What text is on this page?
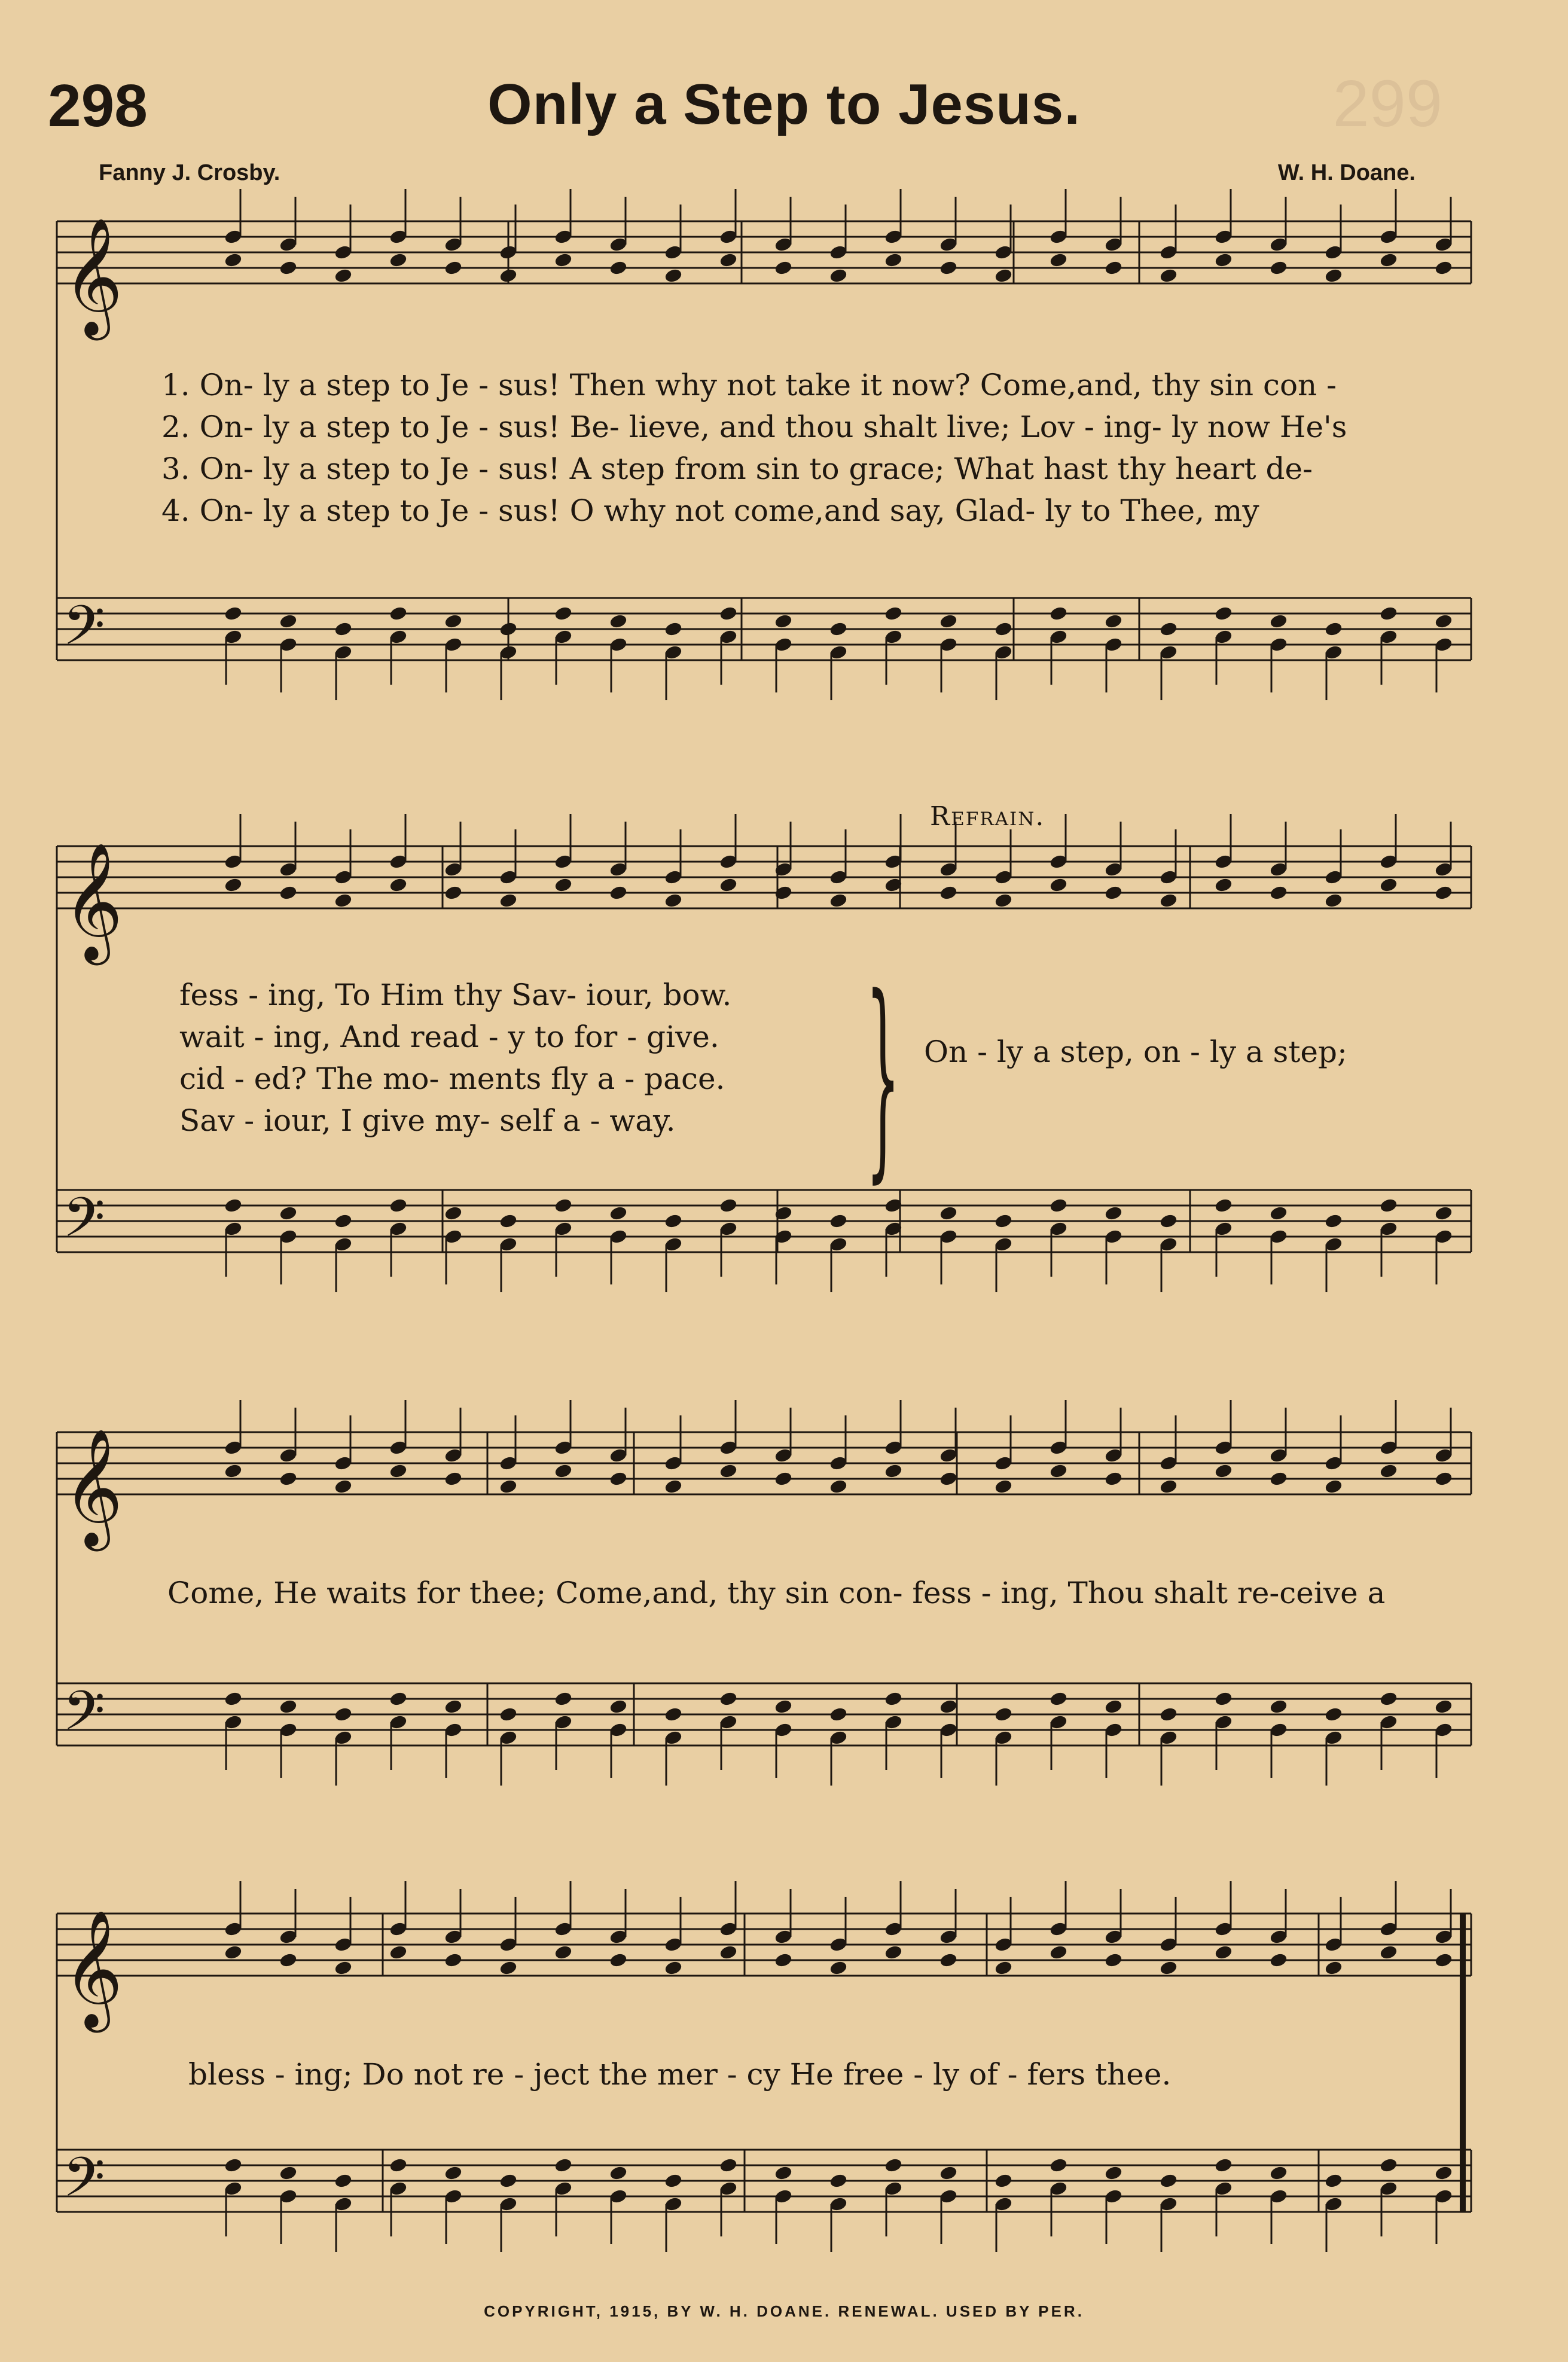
298	Only a Step to Jesus.	299
Fanny J. Crosby.	W. H. Doane.
𝄞
𝄢
𝄞
𝄢
𝄞
𝄢
𝄞
𝄢
1. On- ly a step to Je - sus! Then why not take it now? Come,and, thy sin con -
2. On- ly a step to Je - sus! Be- lieve, and thou shalt live; Lov - ing- ly now He's
3. On- ly a step to Je - sus! A step from sin to grace; What hast thy heart de-
4. On- ly a step to Je - sus! O why not come,and say, Glad- ly to Thee, my
fess - ing, To Him thy Sav- iour, bow.
wait - ing, And read - y to for - give.
cid - ed? The mo- ments fly a - pace.
Sav - iour, I give my- self a - way. }
Refrain.
On - ly a step, on - ly a step;
Come, He waits for thee; Come,and, thy sin con- fess - ing, Thou shalt re-ceive a
bless - ing; Do not re - ject the mer - cy He free - ly of - fers thee.
COPYRIGHT, 1915, BY W. H. DOANE. RENEWAL. USED BY PER.
